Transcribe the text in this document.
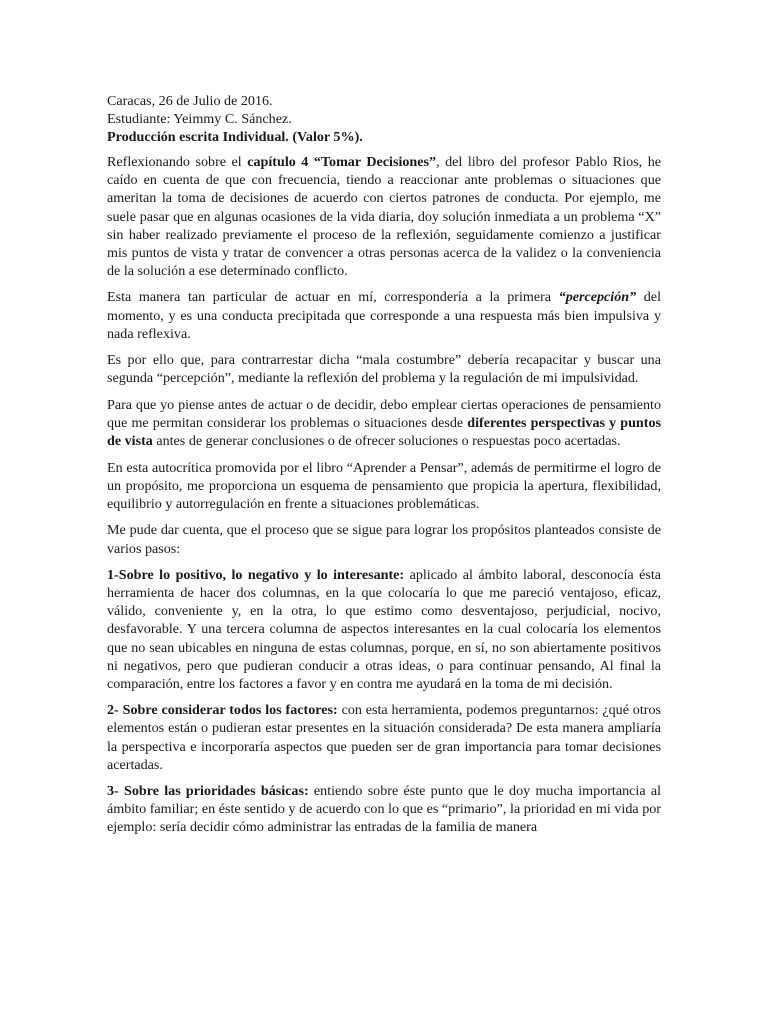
Caracas, 26 de Julio de 2016.

Estudiante: Yeimmy C. Sánchez.

Producción escrita Individual. (Valor 5%).

Reflexionando sobre el capítulo 4 “Tomar Decisiones”, del libro del profesor Pablo Rios, he caído en cuenta de que con frecuencia, tiendo a reaccionar ante problemas o situaciones que ameritan la toma de decisiones de acuerdo con ciertos patrones de conducta. Por ejemplo, me suele pasar que en algunas ocasiones de la vida diaria, doy solución inmediata a un problema “X” sin haber realizado previamente el proceso de la reflexión, seguidamente comienzo a justificar mis puntos de vista y tratar de convencer a otras personas acerca de la validez o la conveniencia de la solución a ese determinado conflicto.

Esta manera tan particular de actuar en mí, correspondería a la primera “percepción” del momento, y es una conducta precipitada que corresponde a una respuesta más bien impulsiva y nada reflexiva.

Es por ello que, para contrarrestar dicha “mala costumbre” debería recapacitar y buscar una segunda “percepción”, mediante la reflexión del problema y la regulación de mi impulsividad.

Para que yo piense antes de actuar o de decidir, debo emplear ciertas operaciones de pensamiento que me permitan considerar los problemas o situaciones desde diferentes perspectivas y puntos de vista antes de generar conclusiones o de ofrecer soluciones o respuestas poco acertadas.

En esta autocrítica promovida por el libro “Aprender a Pensar”, además de permitirme el logro de un propósito, me proporciona un esquema de pensamiento que propicia la apertura, flexibilidad, equilibrio y autorregulación en frente a situaciones problemáticas.

Me pude dar cuenta, que el proceso que se sigue para lograr los propósitos planteados consiste de varios pasos:

1-Sobre lo positivo, lo negativo y lo interesante: aplicado al ámbito laboral, desconocía ésta herramienta de hacer dos columnas, en la que colocaría lo que me pareció ventajoso, eficaz, válido, conveniente y, en la otra, lo que estimo como desventajoso, perjudicial, nocivo, desfavorable. Y una tercera columna de aspectos interesantes en la cual colocaría los elementos que no sean ubicables en ninguna de estas columnas, porque, en sí, no son abiertamente positivos ni negativos, pero que pudieran conducir a otras ideas, o para continuar pensando, Al final la comparación, entre los factores a favor y en contra me ayudará en la toma de mi decisión.

2- Sobre considerar todos los factores: con esta herramienta, podemos preguntarnos: ¿qué otros elementos están o pudieran estar presentes en la situación considerada? De esta manera ampliaría la perspectiva e incorporaría aspectos que pueden ser de gran importancia para tomar decisiones acertadas.

3- Sobre las prioridades básicas: entiendo sobre éste punto que le doy mucha importancia al ámbito familiar; en éste sentido y de acuerdo con lo que es “primario”, la prioridad en mi vida por ejemplo: sería decidir cómo administrar las entradas de la familia de manera
